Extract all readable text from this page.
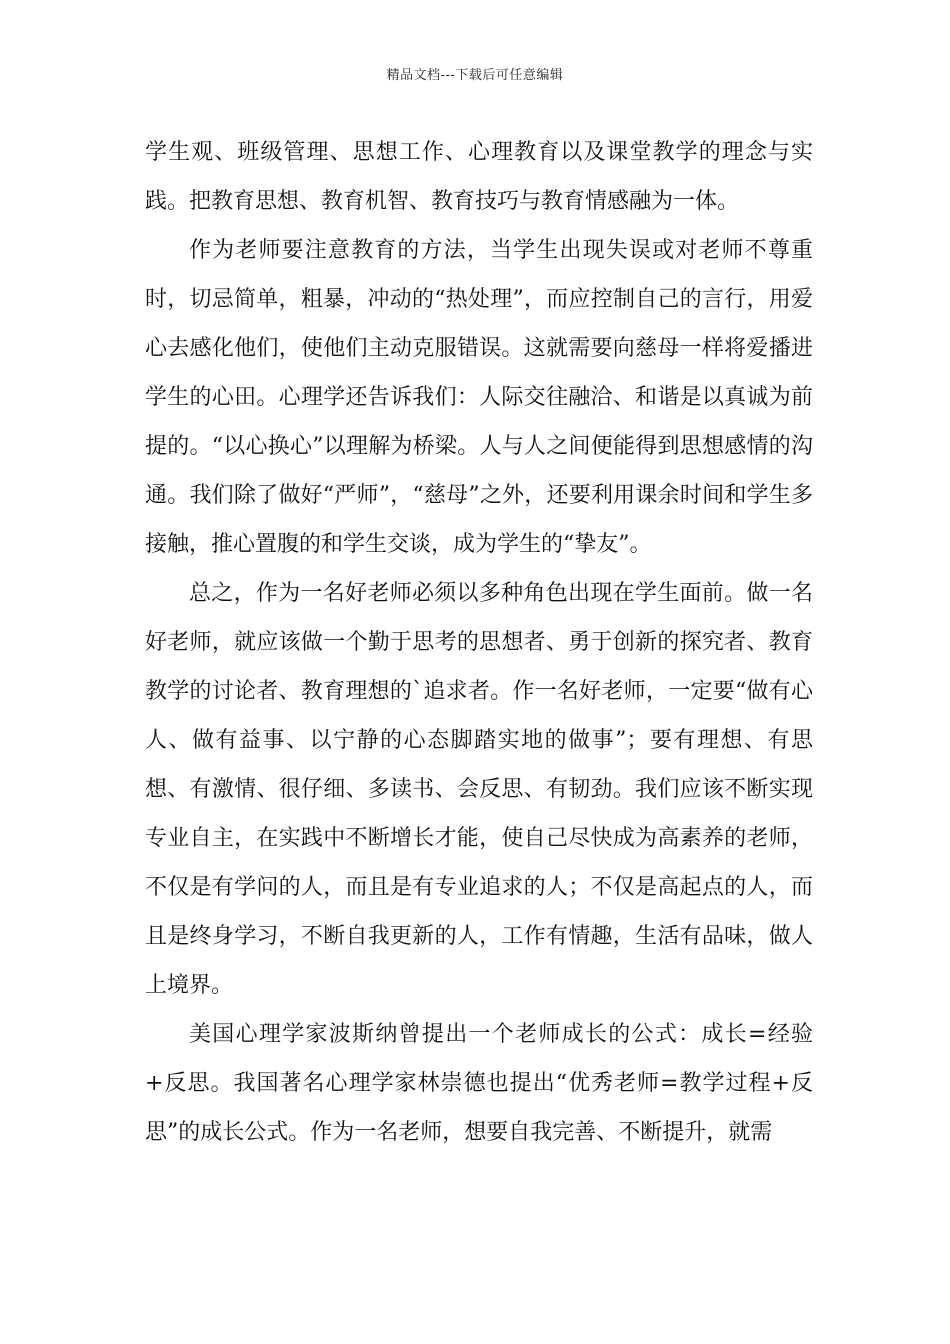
精品文档---下载后可任意编辑

学生观、班级管理、思想工作、心理教育以及课堂教学的理念与实践。把教育思想、教育机智、教育技巧与教育情感融为一体。

作为老师要注意教育的方法，当学生出现失误或对老师不尊重时，切忌简单，粗暴，冲动的“热处理”，而应控制自己的言行，用爱心去感化他们，使他们主动克服错误。这就需要向慈母一样将爱播进学生的心田。心理学还告诉我们：人际交往融洽、和谐是以真诚为前提的。“以心换心”以理解为桥梁。人与人之间便能得到思想感情的沟通。我们除了做好“严师”，“慈母”之外，还要利用课余时间和学生多接触，推心置腹的和学生交谈，成为学生的“挚友”。

总之，作为一名好老师必须以多种角色出现在学生面前。做一名好老师，就应该做一个勤于思考的思想者、勇于创新的探究者、教育教学的讨论者、教育理想的`追求者。作一名好老师，一定要“做有心人、做有益事、以宁静的心态脚踏实地的做事”；要有理想、有思想、有激情、很仔细、多读书、会反思、有韧劲。我们应该不断实现专业自主，在实践中不断增长才能，使自己尽快成为高素养的老师，不仅是有学问的人，而且是有专业追求的人；不仅是高起点的人，而且是终身学习，不断自我更新的人，工作有情趣，生活有品味，做人上境界。

美国心理学家波斯纳曾提出一个老师成长的公式：成长=经验+反思。我国著名心理学家林崇德也提出“优秀老师=教学过程+反思”的成长公式。作为一名老师，想要自我完善、不断提升，就需
